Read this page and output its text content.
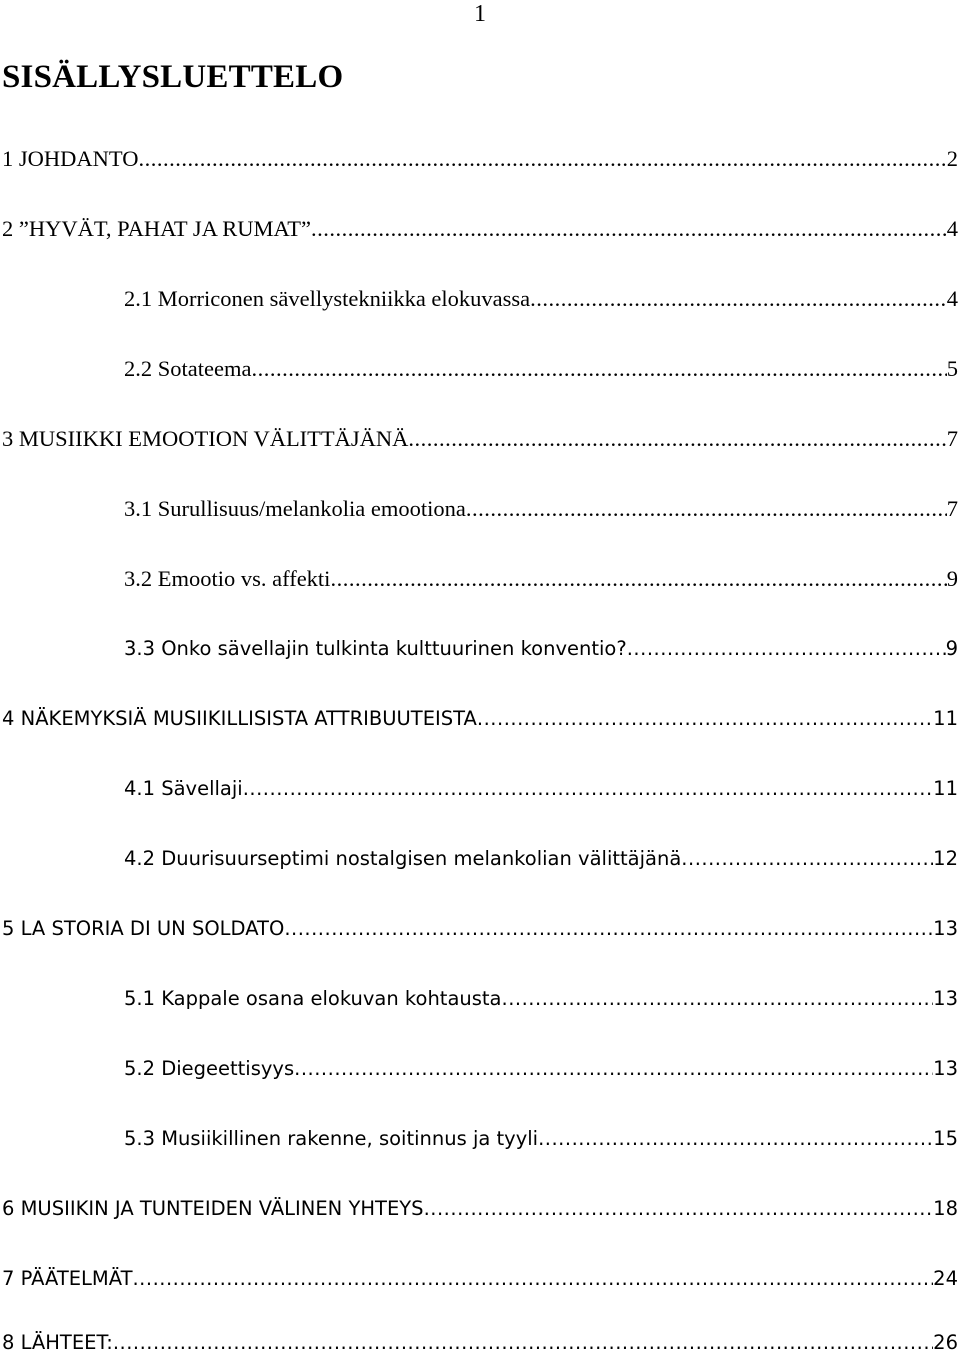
1
SISÄLLYSLUETTELO
1 JOHDANTO .....	2
2 ”HYVÄT, PAHAT JA RUMAT” .....	4
2.1 Morriconen sävellystekniikka elokuvassa .....	4
2.2 Sotateema .....	5
3 MUSIIKKI EMOOTION VÄLITTÄJÄNÄ .....	7
3.1 Surullisuus/melankolia emootiona .....	7
3.2 Emootio vs. affekti .....	9
3.3 Onko sävellajin tulkinta kulttuurinen konventio? .....	9
4 NÄKEMYKSIÄ MUSIIKILLISISTA ATTRIBUUTEISTA .....	11
4.1 Sävellaji .....	11
4.2 Duurisuurseptimi nostalgisen melankolian välittäjänä .....	12
5 LA STORIA DI UN SOLDATO .....	13
5.1 Kappale osana elokuvan kohtausta .....	13
5.2 Diegeettisyys .....	13
5.3 Musiikillinen rakenne, soitinnus ja tyyli .....	15
6 MUSIIKIN JA TUNTEIDEN VÄLINEN YHTEYS .....	18
7 PÄÄTELMÄT .....	24
8 LÄHTEET: .....	26
